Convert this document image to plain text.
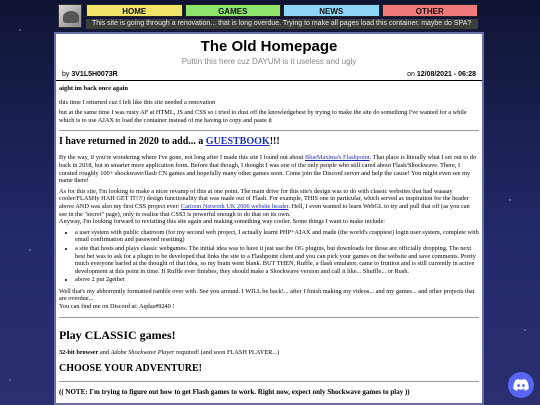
HOME	GAMES	NEWS	OTHER
This site is going through a renovation... that is long overdue. Trying to make all pages load this container. maybe do SPA?
The Old Homepage
Puttin this here cuz DAYUM is it useless and ugly
by 3V1L5H0073R	on 12/08/2021 - 06:28
aight im back once again

this time I returned cuz I felt like this site needed a renovation

but at the same time I was rusty AF at HTML, JS and CSS so i tried to dust off the knowledgebest by trying to make the site do something I've wanted for a while which is to use AJAX to load the container instead of me having to copy and paste it

I have returned in 2020 to add... a GUESTBOOK!!!

By the way, if you're wondering where I've gone, not long after I made this site I found out about BlueMaxima's Flashpoint. That place is literally what I set out to do back in 2018, but in smarter more application form. Before that though, I thought I was one of the only people who still cared about Flash/Shockwave. There, I curated roughly 100+ shockwave/flash CN games and hopefully many other games soon. Come join the Discord server and help the cause! You might even see my name there!

As for this site, I'm looking to make a nicer revamp of this at one point. The main drive for this site's design was to do with classic websites that had waaaay cooler/FLASHy HAH GET IT!?!) design functionality that was made out of Flash. For example, THIS one in particular, which served as inspiration for the header above AND was also my first CSS project ever: Cartoon Network UK 2006 website header. Hell, I even wanted to learn WebGL to try and pull that off (as you can see in the "secret" page), only to realise that CSS3 is powerful enough to do that on its own.

Anyway, I'm looking forward to revisiting this site again and making something way cooler. Some things I want to make include:

• a user system with public chatroom (for my second web project, I actually learnt PHP+AJAX and made (the world's crappiest) login user system, complete with email confirmation and password resetting)
• a site that hosts and plays classic webgames. The initial idea was to have it just use the OG plugins, but downloads for those are officially dropping. The next best bet was to ask for a plugin to be developed that links the site to a Flashpoint client and you can pick your games on the website and save comments. Pretty much everyone barfed at the thought of that idea, so my brain went blank. BUT THEN, Ruffle, a flash emulator, came to fruition and is still currently in active development at this point in time. If Ruffle ever finishes, they should make a Shockwave version and call it like... Shuffle... or Rush.
• above 2 put 2gether

Well that's my abhorrently formatted ramble over with. See you around. I WILL be back!... after I finish making my videos... and my games... and other projects that are overdue...

You can find me on Discord at: Aqdas#9240 !

Play CLASSIC games!

32-bit browser and Adobe Shockwave Player required! (and soon FLASH PLAYER...)

CHOOSE YOUR ADVENTURE!
(( NOTE: I'm trying to figure out how to get Flash games to work. Right now, expect only Shockwave games to play ))
